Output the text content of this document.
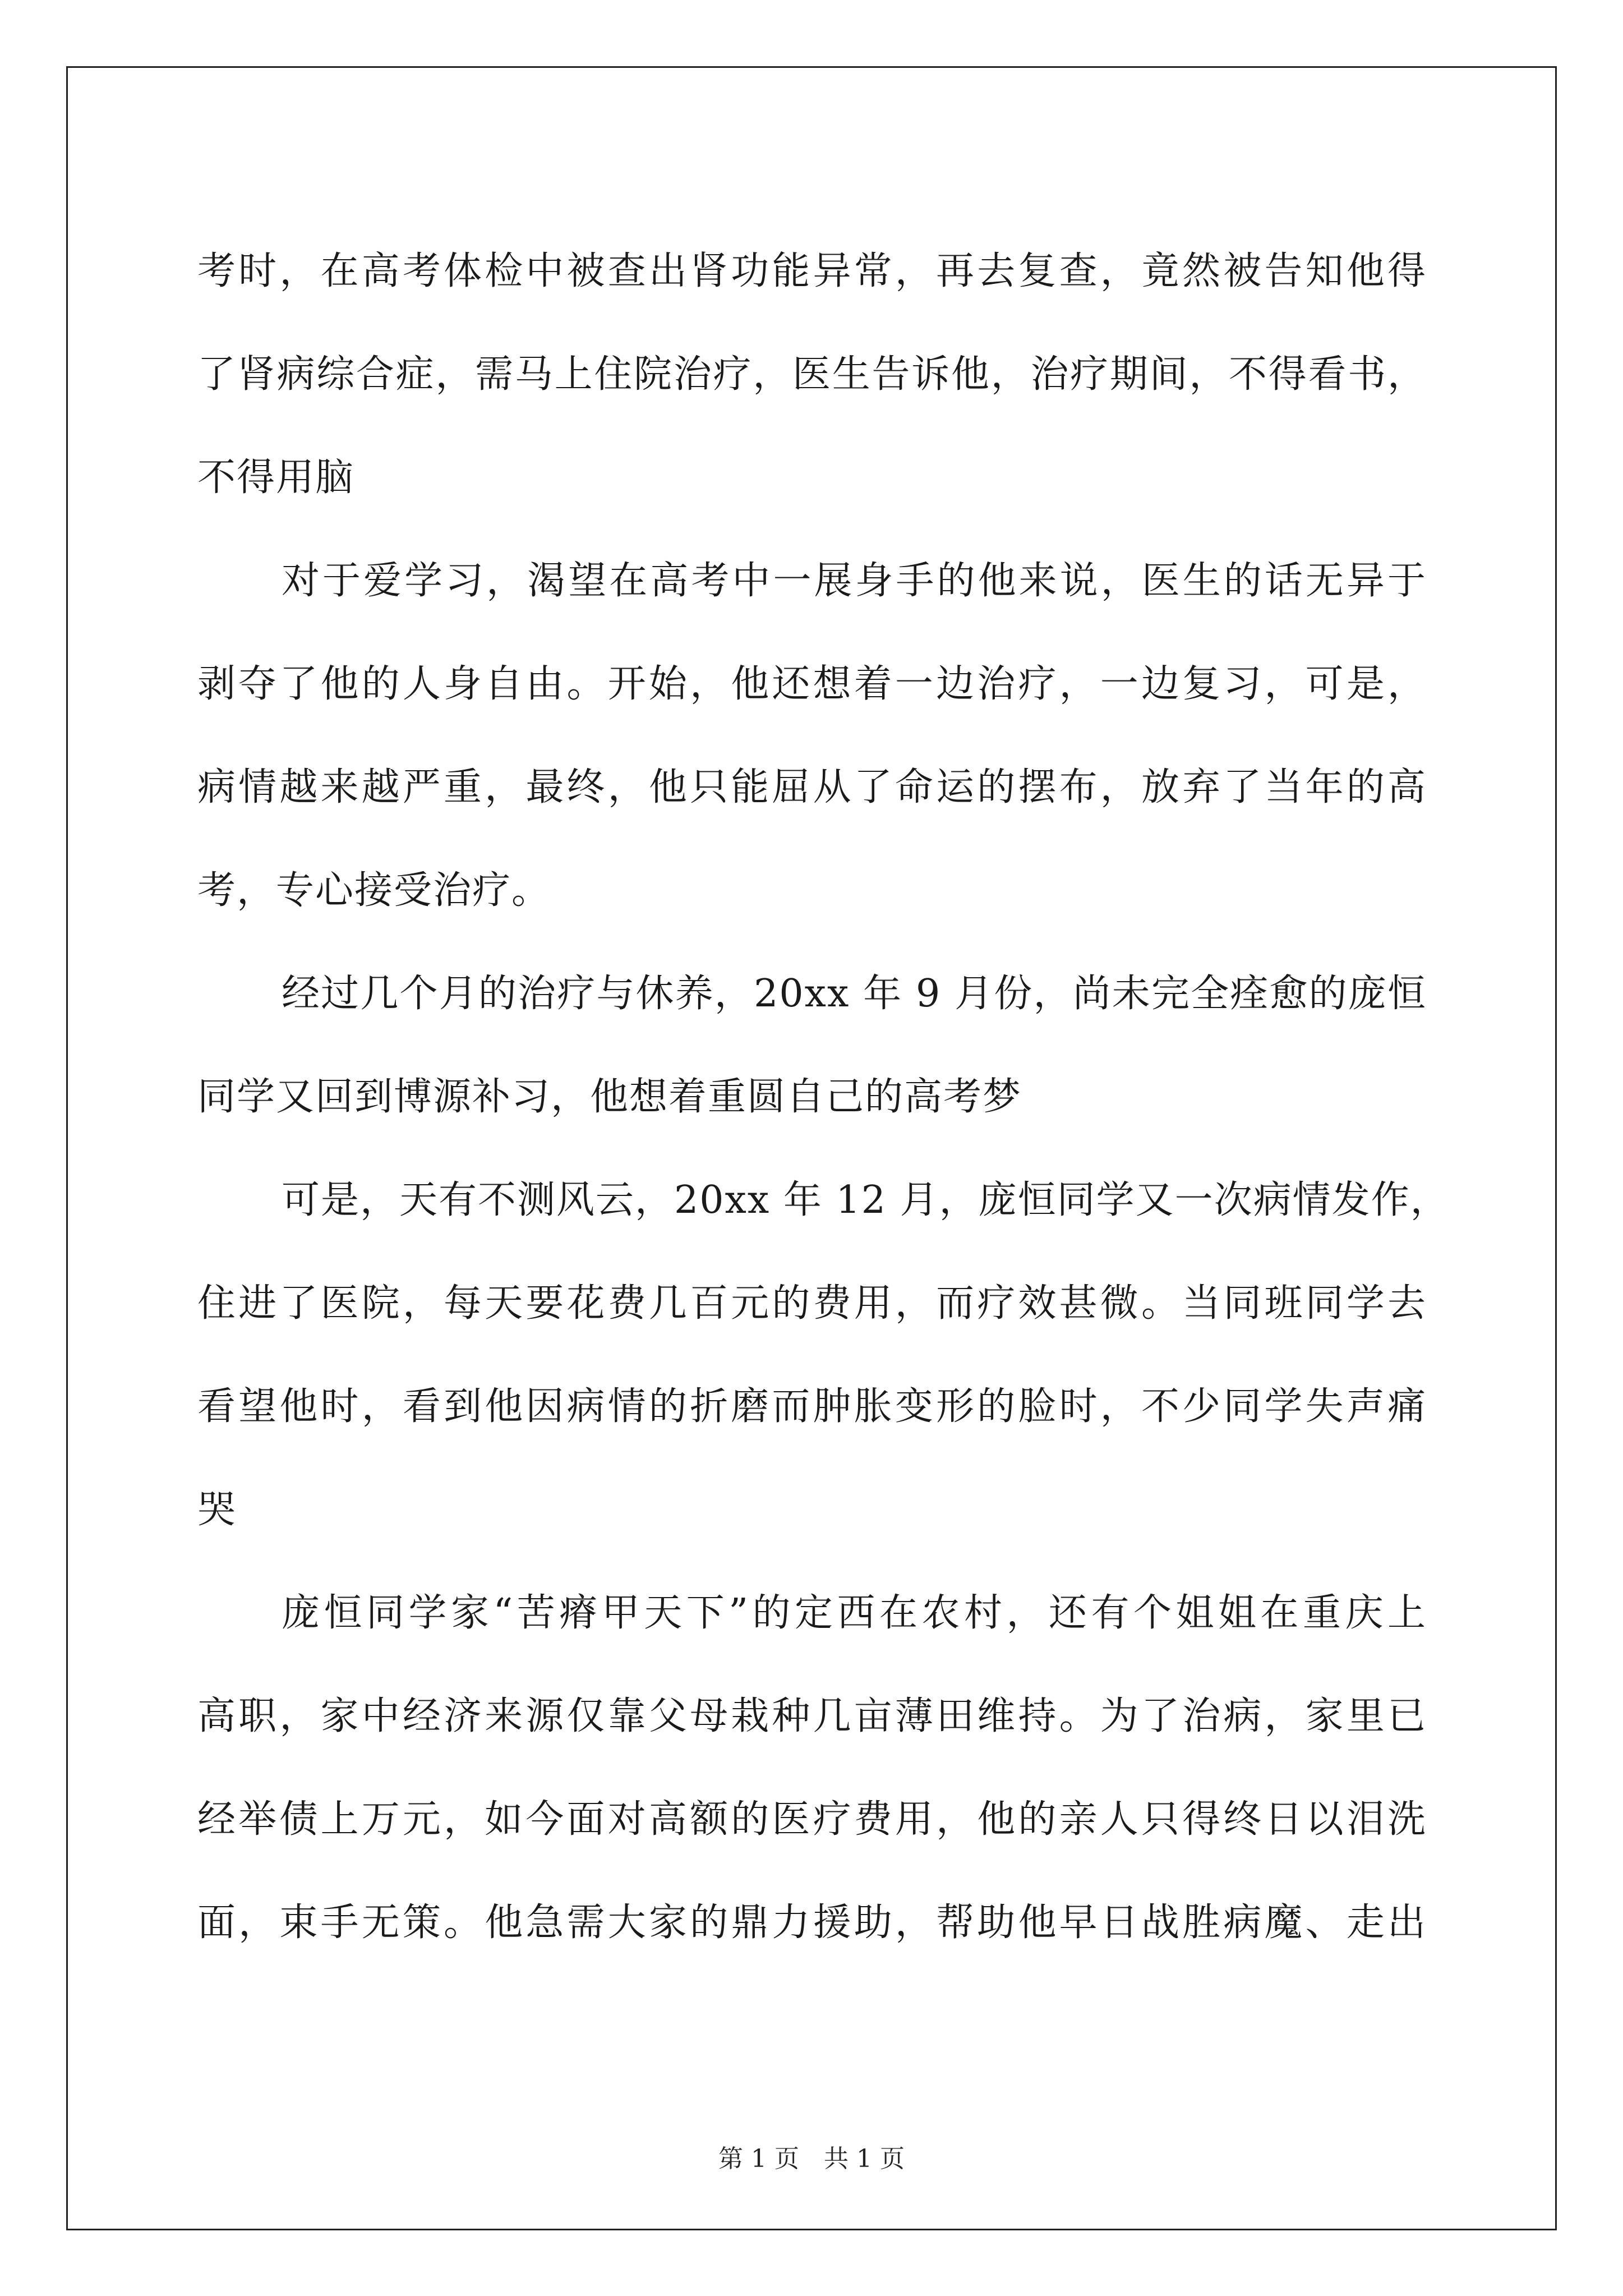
考时，在高考体检中被查出肾功能异常，再去复查，竟然被告知他得
了肾病综合症，需马上住院治疗，医生告诉他，治疗期间，不得看书，
不得用脑
对于爱学习，渴望在高考中一展身手的他来说，医生的话无异于
剥夺了他的人身自由。开始，他还想着一边治疗，一边复习，可是，
病情越来越严重，最终，他只能屈从了命运的摆布，放弃了当年的高
考，专心接受治疗。
经过几个月的治疗与休养，20xx 年 9 月份，尚未完全痊愈的庞恒
同学又回到博源补习，他想着重圆自己的高考梦
可是，天有不测风云，20xx 年 12 月，庞恒同学又一次病情发作，
住进了医院，每天要花费几百元的费用，而疗效甚微。当同班同学去
看望他时，看到他因病情的折磨而肿胀变形的脸时，不少同学失声痛
哭
庞恒同学家“苦瘠甲天下”的定西在农村，还有个姐姐在重庆上
高职，家中经济来源仅靠父母栽种几亩薄田维持。为了治病，家里已
经举债上万元，如今面对高额的医疗费用，他的亲人只得终日以泪洗
面，束手无策。他急需大家的鼎力援助，帮助他早日战胜病魔、走出
第 1 页　共 1 页
